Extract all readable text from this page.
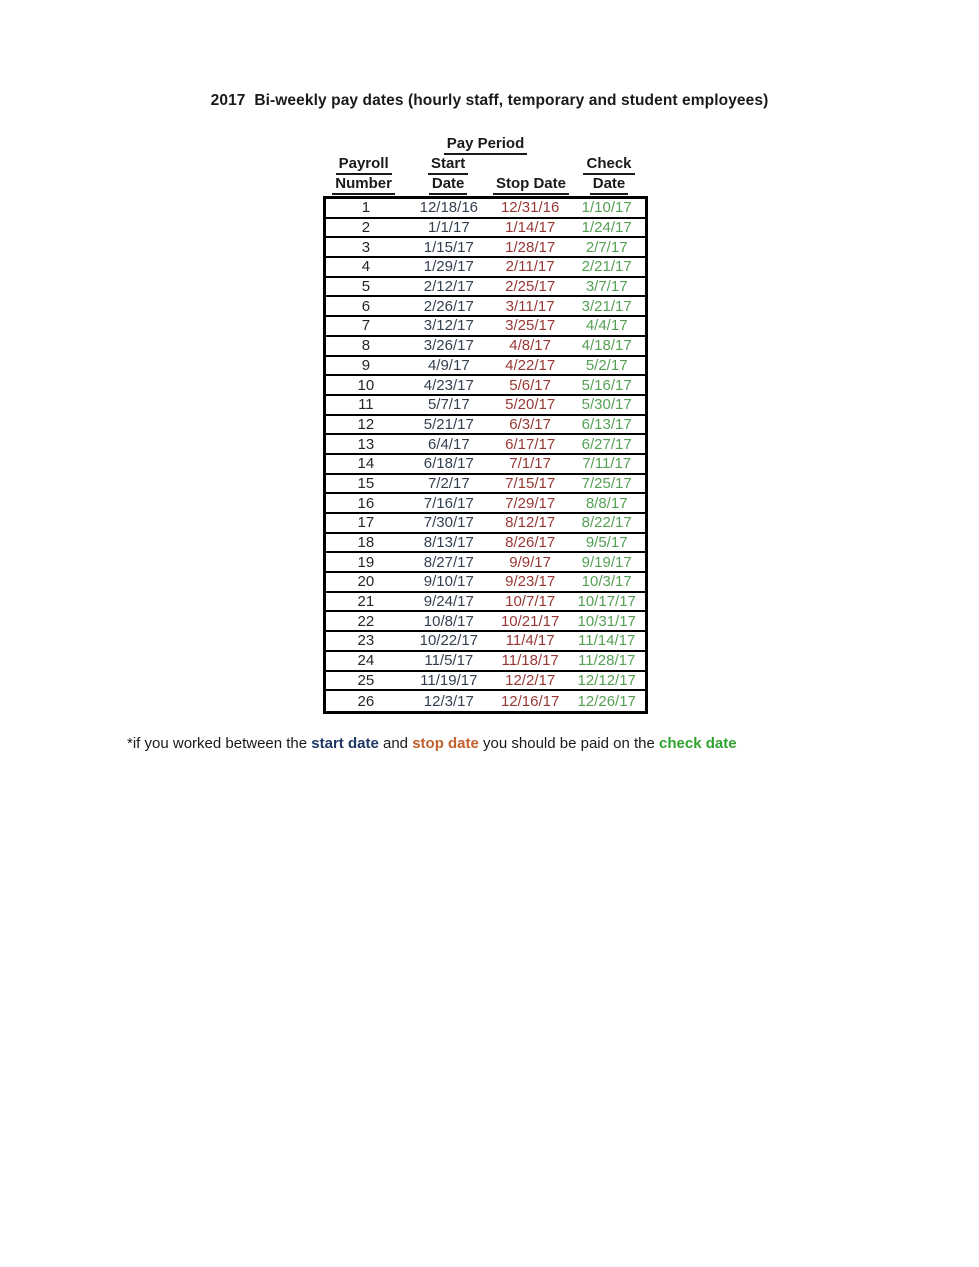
2017  Bi-weekly pay dates (hourly staff, temporary and student employees)
Pay Period
Payroll	Start	Check
Number	Date	Stop Date	Date
1	12/18/16	12/31/16	1/10/17
2	1/1/17	1/14/17	1/24/17
3	1/15/17	1/28/17	2/7/17
4	1/29/17	2/11/17	2/21/17
5	2/12/17	2/25/17	3/7/17
6	2/26/17	3/11/17	3/21/17
7	3/12/17	3/25/17	4/4/17
8	3/26/17	4/8/17	4/18/17
9	4/9/17	4/22/17	5/2/17
10	4/23/17	5/6/17	5/16/17
11	5/7/17	5/20/17	5/30/17
12	5/21/17	6/3/17	6/13/17
13	6/4/17	6/17/17	6/27/17
14	6/18/17	7/1/17	7/11/17
15	7/2/17	7/15/17	7/25/17
16	7/16/17	7/29/17	8/8/17
17	7/30/17	8/12/17	8/22/17
18	8/13/17	8/26/17	9/5/17
19	8/27/17	9/9/17	9/19/17
20	9/10/17	9/23/17	10/3/17
21	9/24/17	10/7/17	10/17/17
22	10/8/17	10/21/17	10/31/17
23	10/22/17	11/4/17	11/14/17
24	11/5/17	11/18/17	11/28/17
25	11/19/17	12/2/17	12/12/17
26	12/3/17	12/16/17	12/26/17
*if you worked between the start date and stop date you should be paid on the check date
